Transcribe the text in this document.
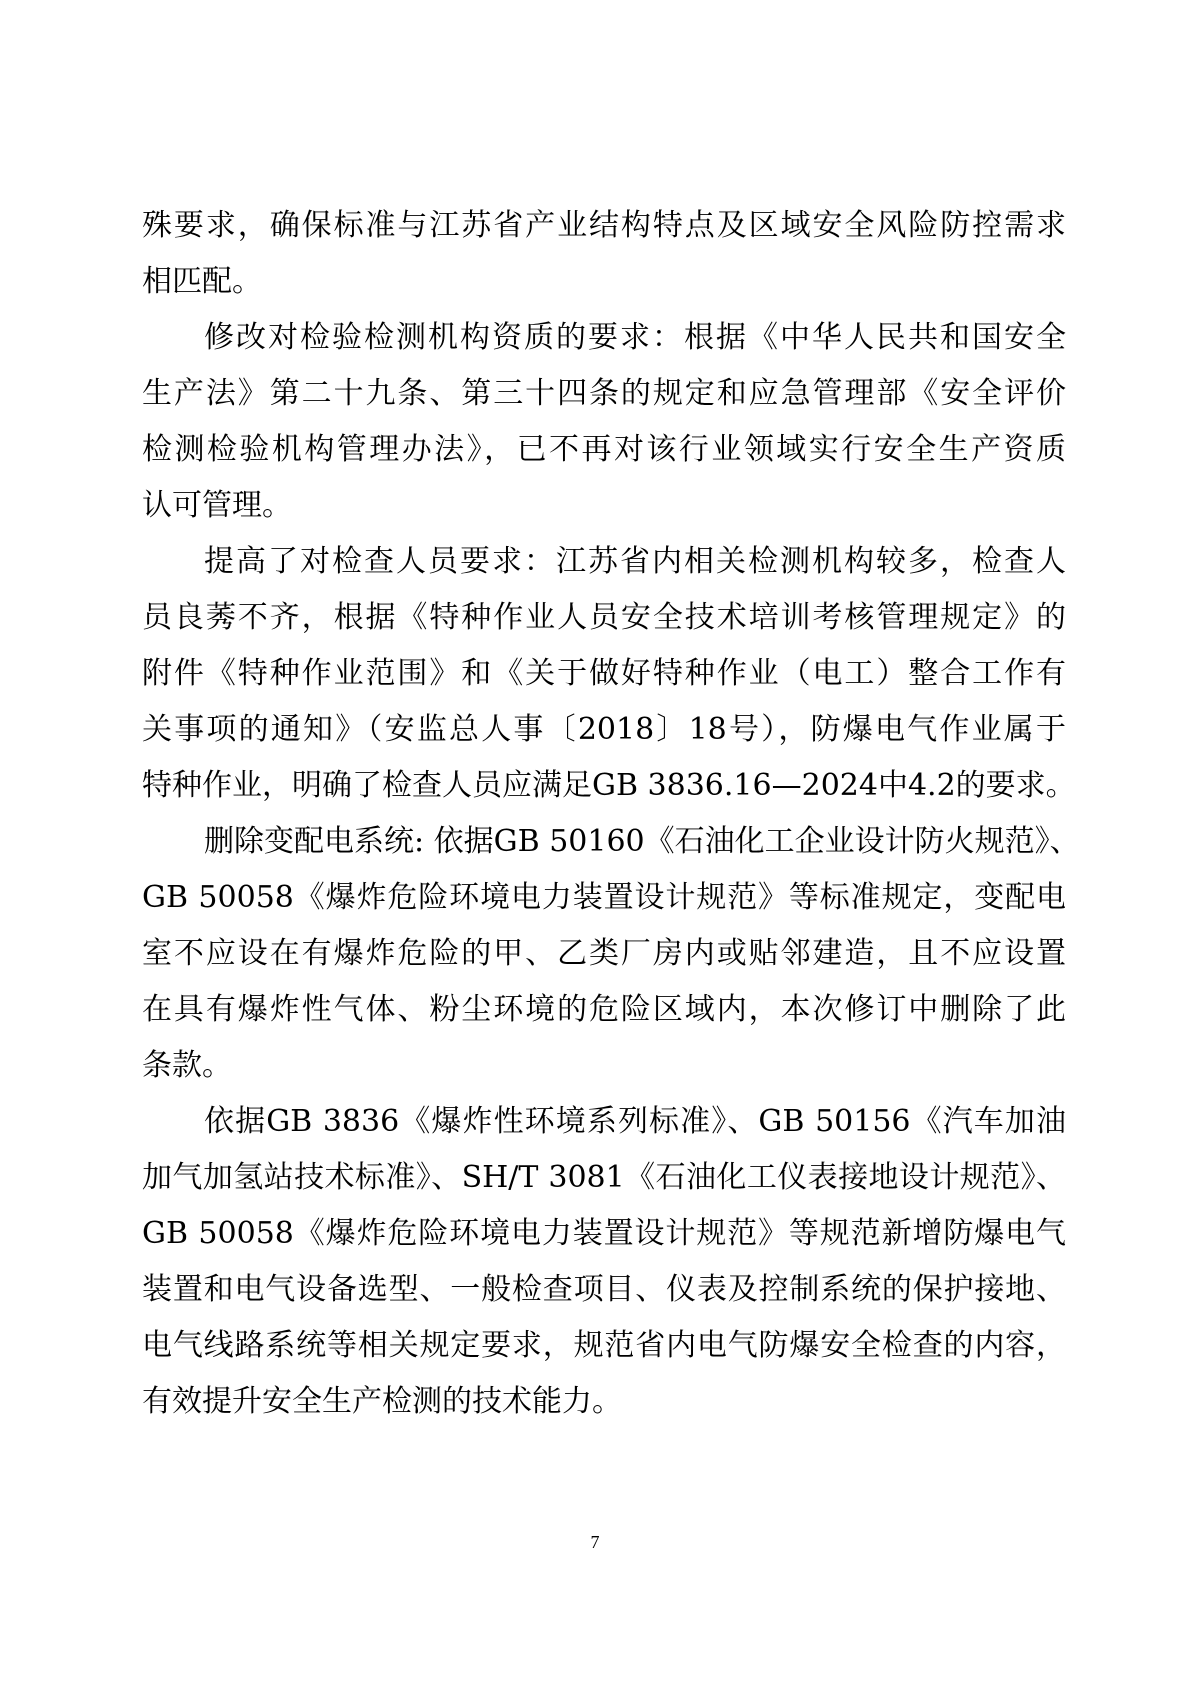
殊要求，确保标准与江苏省产业结构特点及区域安全风险防控需求
相匹配。
修改对检验检测机构资质的要求：根据《中华人民共和国安全
生产法》第二十九条、第三十四条的规定和应急管理部《安全评价
检测检验机构管理办法》，已不再对该行业领域实行安全生产资质
认可管理。
提高了对检查人员要求：江苏省内相关检测机构较多，检查人
员良莠不齐，根据《特种作业人员安全技术培训考核管理规定》的
附件《特种作业范围》和《关于做好特种作业（电工）整合工作有
关事项的通知》（安监总人事〔2018〕18号），防爆电气作业属于
特种作业，明确了检查人员应满足GB 3836.16—2024中4.2的要求。
删除变配电系统: 依据GB 50160《石油化工企业设计防火规范》、
GB 50058《爆炸危险环境电力装置设计规范》等标准规定，变配电
室不应设在有爆炸危险的甲、乙类厂房内或贴邻建造，且不应设置
在具有爆炸性气体、粉尘环境的危险区域内，本次修订中删除了此
条款。
依据GB 3836《爆炸性环境系列标准》、GB 50156《汽车加油
加气加氢站技术标准》、SH/T 3081《石油化工仪表接地设计规范》、
GB 50058《爆炸危险环境电力装置设计规范》等规范新增防爆电气
装置和电气设备选型、一般检查项目、仪表及控制系统的保护接地、
电气线路系统等相关规定要求，规范省内电气防爆安全检查的内容，
有效提升安全生产检测的技术能力。
7
